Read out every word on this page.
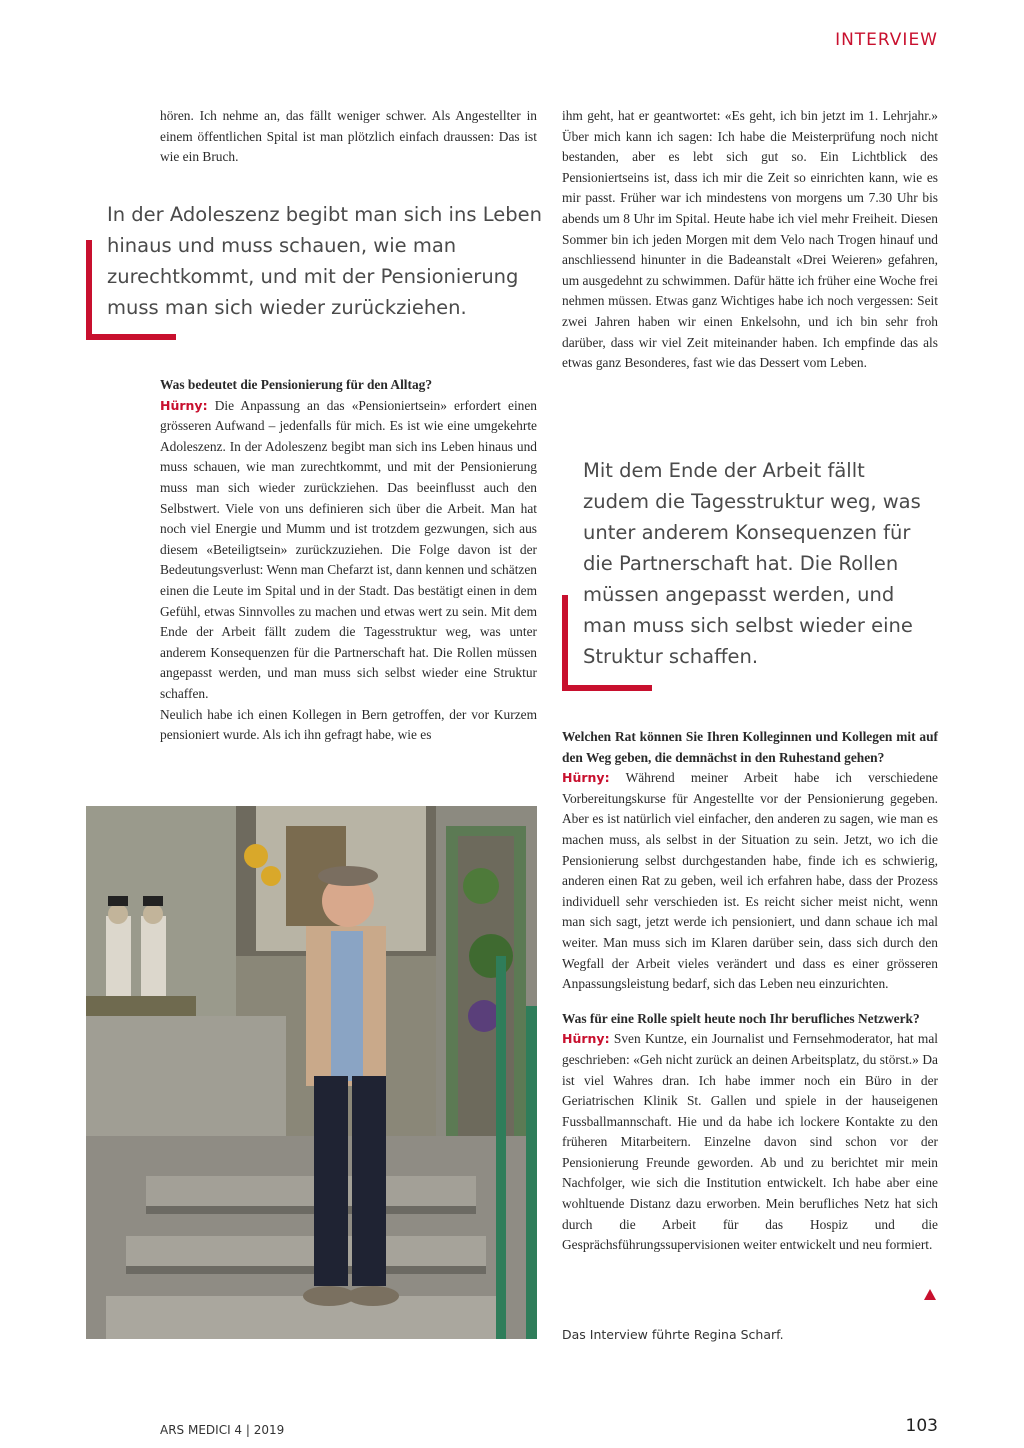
INTERVIEW

hören. Ich nehme an, das fällt weniger schwer. Als Angestellter in einem öffentlichen Spital ist man plötzlich einfach draussen: Das ist wie ein Bruch.

In der Adoleszenz begibt man sich ins Leben hinaus und muss schauen, wie man zurechtkommt, und mit der Pensionierung muss man sich wieder zurückziehen.

Was bedeutet die Pensionierung für den Alltag?

Hürny: Die Anpassung an das «Pensioniertsein» erfordert einen grösseren Aufwand – jedenfalls für mich. Es ist wie eine umgekehrte Adoleszenz. In der Adoleszenz begibt man sich ins Leben hinaus und muss schauen, wie man zurechtkommt, und mit der Pensionierung muss man sich wieder zurückziehen. Das beeinflusst auch den Selbstwert. Viele von uns definieren sich über die Arbeit. Man hat noch viel Energie und Mumm und ist trotzdem gezwungen, sich aus diesem «Beteiligtsein» zurückzuziehen. Die Folge davon ist der Bedeutungsverlust: Wenn man Chefarzt ist, dann kennen und schätzen einen die Leute im Spital und in der Stadt. Das bestätigt einen in dem Gefühl, etwas Sinnvolles zu machen und etwas wert zu sein. Mit dem Ende der Arbeit fällt zudem die Tagesstruktur weg, was unter anderem Konsequenzen für die Partnerschaft hat. Die Rollen müssen angepasst werden, und man muss sich selbst wieder eine Struktur schaffen.

Neulich habe ich einen Kollegen in Bern getroffen, der vor Kurzem pensioniert wurde. Als ich ihn gefragt habe, wie es

ihm geht, hat er geantwortet: «Es geht, ich bin jetzt im 1. Lehrjahr.» Über mich kann ich sagen: Ich habe die Meisterprüfung noch nicht bestanden, aber es lebt sich gut so. Ein Lichtblick des Pensioniertseins ist, dass ich mir die Zeit so einrichten kann, wie es mir passt. Früher war ich mindestens von morgens um 7.30 Uhr bis abends um 8 Uhr im Spital. Heute habe ich viel mehr Freiheit. Diesen Sommer bin ich jeden Morgen mit dem Velo nach Trogen hinauf und anschliessend hinunter in die Badeanstalt «Drei Weieren» gefahren, um ausgedehnt zu schwimmen. Dafür hätte ich früher eine Woche frei nehmen müssen. Etwas ganz Wichtiges habe ich noch vergessen: Seit zwei Jahren haben wir einen Enkelsohn, und ich bin sehr froh darüber, dass wir viel Zeit miteinander haben. Ich empfinde das als etwas ganz Besonderes, fast wie das Dessert vom Leben.

Mit dem Ende der Arbeit fällt zudem die Tagesstruktur weg, was unter anderem Konsequenzen für die Partnerschaft hat. Die Rollen müssen angepasst werden, und man muss sich selbst wieder eine Struktur schaffen.

Welchen Rat können Sie Ihren Kolleginnen und Kollegen mit auf den Weg geben, die demnächst in den Ruhestand gehen?

Hürny: Während meiner Arbeit habe ich verschiedene Vorbereitungskurse für Angestellte vor der Pensionierung gegeben. Aber es ist natürlich viel einfacher, den anderen zu sagen, wie man es machen muss, als selbst in der Situation zu sein. Jetzt, wo ich die Pensionierung selbst durchgestanden habe, finde ich es schwierig, anderen einen Rat zu geben, weil ich erfahren habe, dass der Prozess individuell sehr verschieden ist. Es reicht sicher meist nicht, wenn man sich sagt, jetzt werde ich pensioniert, und dann schaue ich mal weiter. Man muss sich im Klaren darüber sein, dass sich durch den Wegfall der Arbeit vieles verändert und dass es einer grösseren Anpassungsleistung bedarf, sich das Leben neu einzurichten.

Was für eine Rolle spielt heute noch Ihr berufliches Netzwerk?

Hürny: Sven Kuntze, ein Journalist und Fernsehmoderator, hat mal geschrieben: «Geh nicht zurück an deinen Arbeitsplatz, du störst.» Da ist viel Wahres dran. Ich habe immer noch ein Büro in der Geriatrischen Klinik St. Gallen und spiele in der hauseigenen Fussballmannschaft. Hie und da habe ich lockere Kontakte zu den früheren Mitarbeitern. Einzelne davon sind schon vor der Pensionierung Freunde geworden. Ab und zu berichtet mir mein Nachfolger, wie sich die Institution entwickelt. Ich habe aber eine wohltuende Distanz dazu erworben. Mein berufliches Netz hat sich durch die Arbeit für das Hospiz und die Gesprächsführungssupervisionen weiter entwickelt und neu formiert.

Das Interview führte Regina Scharf.
ARS MEDICI 4 | 2019	103
